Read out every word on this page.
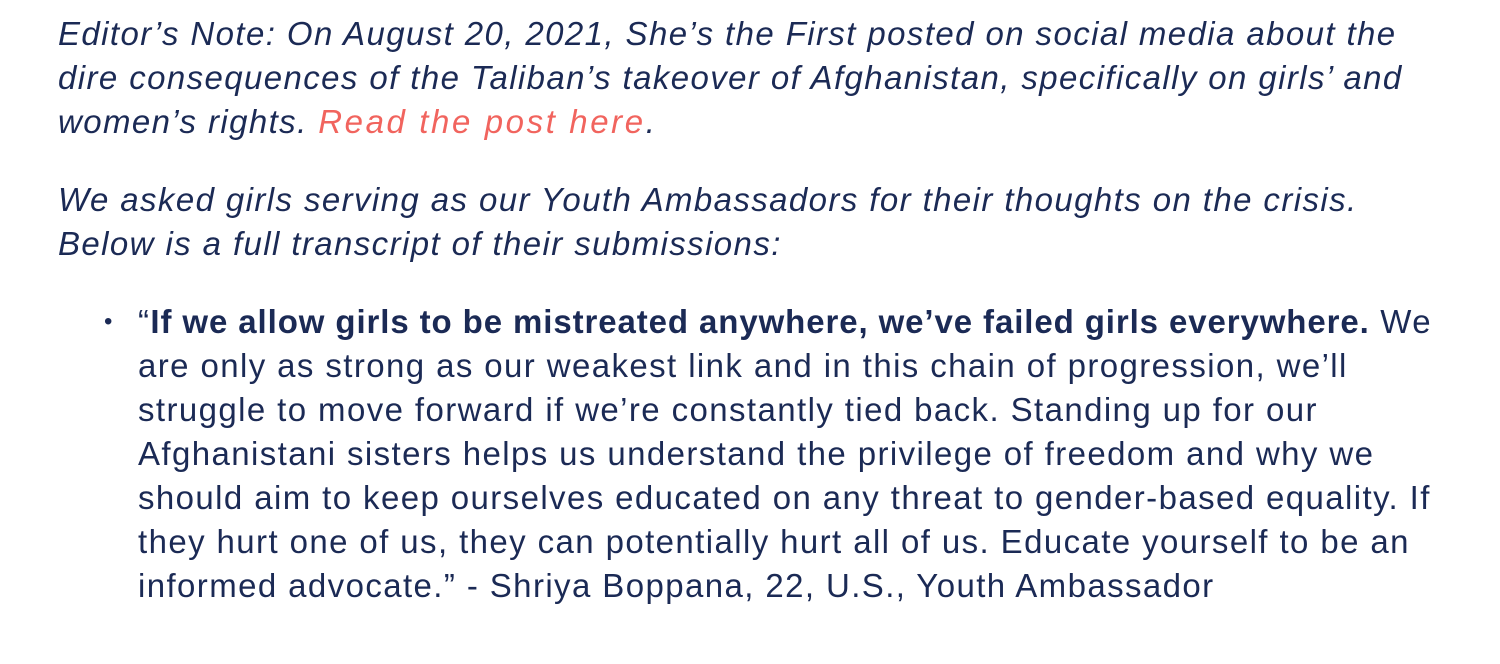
Editor’s Note: On August 20, 2021, She’s the First posted on social media about the dire consequences of the Taliban’s takeover of Afghanistan, specifically on girls’ and women’s rights. Read the post here.

We asked girls serving as our Youth Ambassadors for their thoughts on the crisis. Below is a full transcript of their submissions:

• “If we allow girls to be mistreated anywhere, we’ve failed girls everywhere. We are only as strong as our weakest link and in this chain of progression, we’ll struggle to move forward if we’re constantly tied back. Standing up for our Afghanistani sisters helps us understand the privilege of freedom and why we should aim to keep ourselves educated on any threat to gender-based equality. If they hurt one of us, they can potentially hurt all of us. Educate yourself to be an informed advocate.” - Shriya Boppana, 22, U.S., Youth Ambassador
